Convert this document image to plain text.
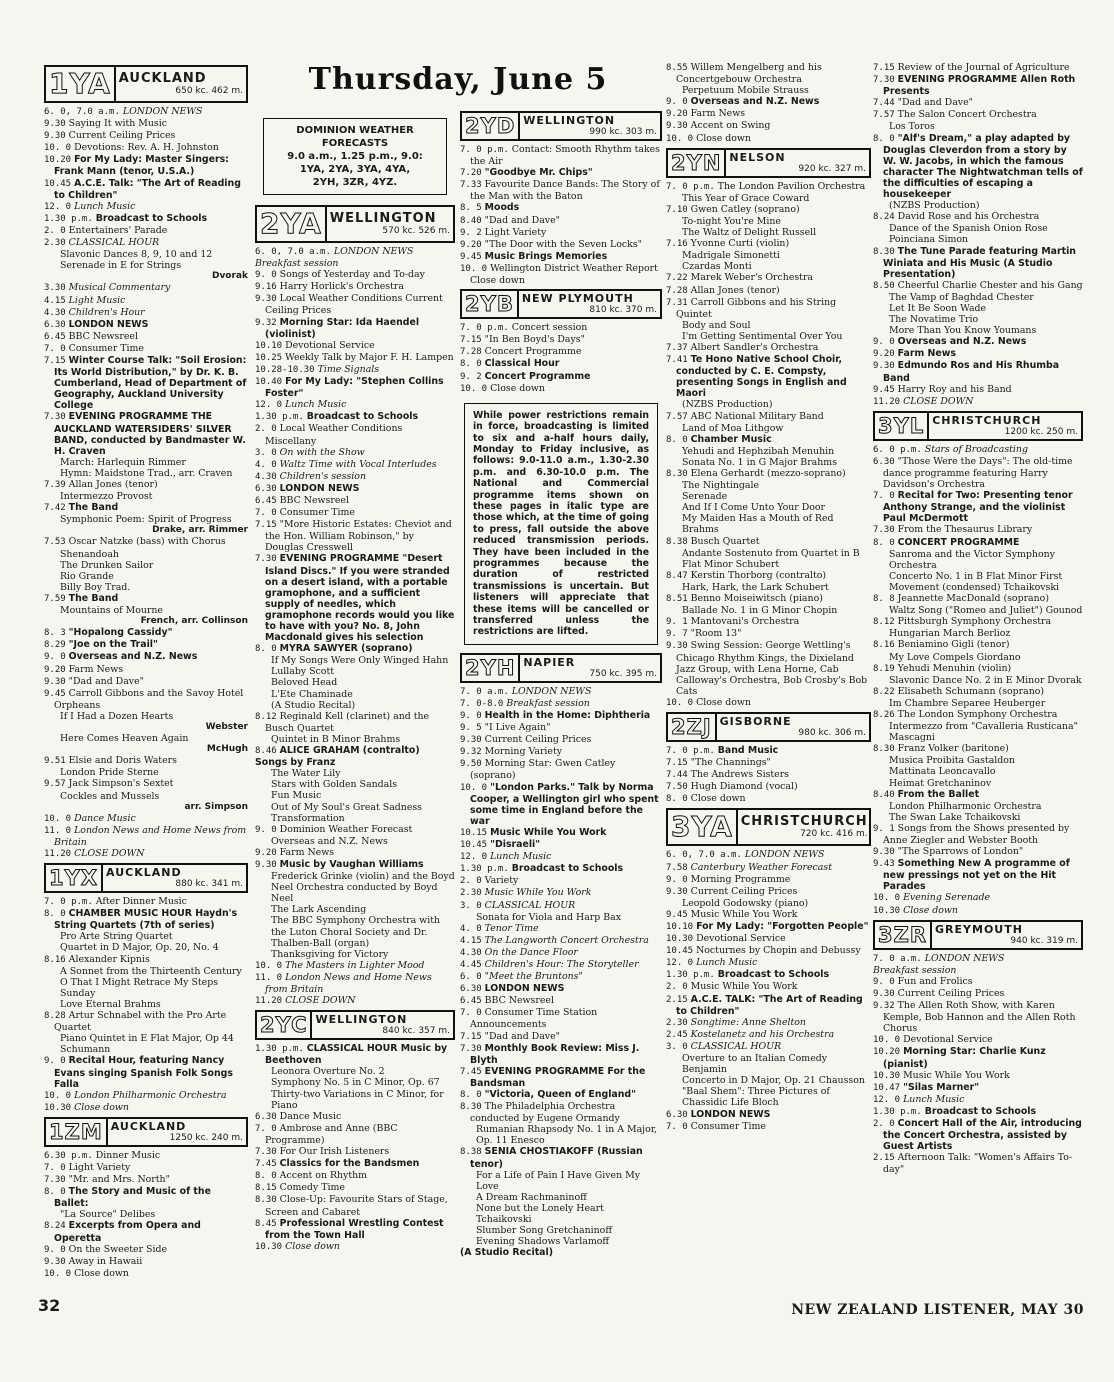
Thursday, June 5
1YA AUCKLAND
650 kc. 462 m.
6. 0, 7.0 a.m. LONDON NEWS
9.30 Saying It with Music
9.30 Current Ceiling Prices
10. 0 Devotions: Rev. A. H. Johnston
10.20 For My Lady: Master Singers: Frank Mann (tenor, U.S.A.)
10.45 A.C.E. Talk: "The Art of Reading to Children"
12. 0 Lunch Music
1.30 p.m. Broadcast to Schools
2. 0 Entertainers' Parade
2.30 CLASSICAL HOUR
Slavonic Dances 8, 9, 10 and 12
Serenade in E for Strings
Dvorak
3.30 Musical Commentary
4.15 Light Music
4.30 Children's Hour
6.30 LONDON NEWS
6.45 BBC Newsreel
7. 0 Consumer Time
7.15 Winter Course Talk: "Soil Erosion: Its World Distribution," by Dr. K. B. Cumberland, Head of Department of Geography, Auckland University College
7.30 EVENING PROGRAMME THE AUCKLAND WATERSIDERS' SILVER BAND, conducted by Bandmaster W. H. Craven
March: Harlequin Rimmer
Hymn: Maidstone Trad., arr. Craven
7.39 Allan Jones (tenor)
Intermezzo Provost
7.42 The Band
Symphonic Poem: Spirit of Progress
Drake, arr. Rimmer
7.53 Oscar Natzke (bass) with Chorus
Shenandoah
The Drunken Sailor
Rio Grande
Billy Boy Trad.
7.59 The Band
Mountains of Mourne
French, arr. Collinson
8. 3 "Hopalong Cassidy"
8.29 "Joe on the Trail"
9. 0 Overseas and N.Z. News
9.20 Farm News
9.30 "Dad and Dave"
9.45 Carroll Gibbons and the Savoy Hotel Orpheans
If I Had a Dozen Hearts
Webster
Here Comes Heaven Again
McHugh
9.51 Elsie and Doris Waters
London Pride Sterne
9.57 Jack Simpson's Sextet
Cockles and Mussels
arr. Simpson
10. 0 Dance Music
11. 0 London News and Home News from Britain
11.20 CLOSE DOWN
1YX AUCKLAND
880 kc. 341 m.
7. 0 p.m. After Dinner Music
8. 0 CHAMBER MUSIC HOUR Haydn's String Quartets (7th of series)
Pro Arte String Quartet
Quartet in D Major, Op. 20, No. 4
8.16 Alexander Kipnis
A Sonnet from the Thirteenth Century
O That I Might Retrace My Steps
Sunday
Love Eternal Brahms
8.28 Artur Schnabel with the Pro Arte Quartet
Piano Quintet in E Flat Major, Op 44 Schumann
9. 0 Recital Hour, featuring Nancy Evans singing Spanish Folk Songs Falla
10. 0 London Philharmonic Orchestra
10.30 Close down
1ZM AUCKLAND
1250 kc. 240 m.
6.30 p.m. Dinner Music
7. 0 Light Variety
7.30 "Mr. and Mrs. North"
8. 0 The Story and Music of the Ballet:
"La Source" Delibes
8.24 Excerpts from Opera and Operetta
9. 0 On the Sweeter Side
9.30 Away in Hawaii
10. 0 Close down
DOMINION WEATHER
FORECASTS
9.0 a.m., 1.25 p.m., 9.0:
1YA, 2YA, 3YA, 4YA,
2YH, 3ZR, 4YZ.
2YA WELLINGTON
570 kc. 526 m.
6. 0, 7.0 a.m. LONDON NEWS
Breakfast session
9. 0 Songs of Yesterday and To-day
9.16 Harry Horlick's Orchestra
9.30 Local Weather Conditions Current Ceiling Prices
9.32 Morning Star: Ida Haendel (violinist)
10.10 Devotional Service
10.25 Weekly Talk by Major F. H. Lampen
10.28-10.30 Time Signals
10.40 For My Lady: "Stephen Collins Foster"
12. 0 Lunch Music
1.30 p.m. Broadcast to Schools
2. 0 Local Weather Conditions Miscellany
3. 0 On with the Show
4. 0 Waltz Time with Vocal Interludes
4.30 Children's session
6.30 LONDON NEWS
6.45 BBC Newsreel
7. 0 Consumer Time
7.15 "More Historic Estates: Cheviot and the Hon. William Robinson," by Douglas Cresswell
7.30 EVENING PROGRAMME "Desert Island Discs." If you were stranded on a desert island, with a portable gramophone, and a sufficient supply of needles, which gramophone records would you like to have with you? No. 8, John Macdonald gives his selection
8. 0 MYRA SAWYER (soprano)
If My Songs Were Only Winged Hahn
Lullaby Scott
Beloved Head
L'Ete Chaminade
(A Studio Recital)
8.12 Reginald Kell (clarinet) and the Busch Quartet
Quintet in B Minor Brahms
8.46 ALICE GRAHAM (contralto)
Songs by Franz
The Water Lily
Stars with Golden Sandals
Fun Music
Out of My Soul's Great Sadness
Transformation
9. 0 Dominion Weather Forecast
Overseas and N.Z. News
9.20 Farm News
9.30 Music by Vaughan Williams
Frederick Grinke (violin) and the Boyd Neel Orchestra conducted by Boyd Neel
The Lark Ascending
The BBC Symphony Orchestra with the Luton Choral Society and Dr. Thalben-Ball (organ)
Thanksgiving for Victory
10. 0 The Masters in Lighter Mood
11. 0 London News and Home News from Britain
11.20 CLOSE DOWN
2YC WELLINGTON
840 kc. 357 m.
1.30 p.m. CLASSICAL HOUR Music by Beethoven
Leonora Overture No. 2
Symphony No. 5 in C Minor, Op. 67
Thirty-two Variations in C Minor, for Piano
6.30 Dance Music
7. 0 Ambrose and Anne (BBC Programme)
7.30 For Our Irish Listeners
7.45 Classics for the Bandsmen
8. 0 Accent on Rhythm
8.15 Comedy Time
8.30 Close-Up: Favourite Stars of Stage, Screen and Cabaret
8.45 Professional Wrestling Contest from the Town Hall
10.30 Close down
2YD WELLINGTON
990 kc. 303 m.
7. 0 p.m. Contact: Smooth Rhythm takes the Air
7.20 "Goodbye Mr. Chips"
7.33 Favourite Dance Bands: The Story of the Man with the Baton
8. 5 Moods
8.40 "Dad and Dave"
9. 2 Light Variety
9.20 "The Door with the Seven Locks"
9.45 Music Brings Memories
10. 0 Wellington District Weather Report Close down
2YB NEW PLYMOUTH
810 kc. 370 m.
7. 0 p.m. Concert session
7.15 "In Ben Boyd's Days"
7.28 Concert Programme
8. 0 Classical Hour
9. 2 Concert Programme
10. 0 Close down
While power restrictions remain in force, broadcasting is limited to six and a-half hours daily, Monday to Friday inclusive, as follows: 9.0-11.0 a.m., 1.30-2.30 p.m. and 6.30-10.0 p.m. The National and Commercial programme items shown on these pages in italic type are those which, at the time of going to press, fall outside the above reduced transmission periods. They have been included in the programmes because the duration of restricted transmissions is uncertain. But listeners will appreciate that these items will be cancelled or transferred unless the restrictions are lifted.
2YH NAPIER
750 kc. 395 m.
7. 0 a.m. LONDON NEWS
7. 0-8.0 Breakfast session
9. 0 Health in the Home: Diphtheria
9. 5 "I Live Again"
9.30 Current Ceiling Prices
9.32 Morning Variety
9.50 Morning Star: Gwen Catley (soprano)
10. 0 "London Parks." Talk by Norma Cooper, a Wellington girl who spent some time in England before the war
10.15 Music While You Work
10.45 "Disraeli"
12. 0 Lunch Music
1.30 p.m. Broadcast to Schools
2. 0 Variety
2.30 Music While You Work
3. 0 CLASSICAL HOUR
Sonata for Viola and Harp Bax
4. 0 Tenor Time
4.15 The Langworth Concert Orchestra
4.30 On the Dance Floor
4.45 Children's Hour: The Storyteller
6. 0 "Meet the Bruntons"
6.30 LONDON NEWS
6.45 BBC Newsreel
7. 0 Consumer Time Station Announcements
7.15 "Dad and Dave"
7.30 Monthly Book Review: Miss J. Blyth
7.45 EVENING PROGRAMME For the Bandsman
8. 0 "Victoria, Queen of England"
8.30 The Philadelphia Orchestra conducted by Eugene Ormandy
Rumanian Rhapsody No. 1 in A Major, Op. 11 Enesco
8.38 SENIA CHOSTIAKOFF (Russian tenor)
For a Life of Pain I Have Given My Love
A Dream Rachmaninoff
None but the Lonely Heart Tchaikovski
Slumber Song Gretchaninoff
Evening Shadows Varlamoff
(A Studio Recital)
8.55 Willem Mengelberg and his Concertgebouw Orchestra
Perpetuum Mobile Strauss
9. 0 Overseas and N.Z. News
9.20 Farm News
9.30 Accent on Swing
10. 0 Close down
2YN NELSON
920 kc. 327 m.
7. 0 p.m. The London Pavilion Orchestra
This Year of Grace Coward
7.10 Gwen Catley (soprano)
To-night You're Mine
The Waltz of Delight Russell
7.16 Yvonne Curti (violin)
Madrigale Simonetti
Czardas Monti
7.22 Marek Weber's Orchestra
7.28 Allan Jones (tenor)
7.31 Carroll Gibbons and his String Quintet
Body and Soul
I'm Getting Sentimental Over You
7.37 Albert Sandler's Orchestra
7.41 Te Hono Native School Choir, conducted by C. E. Compsty, presenting Songs in English and Maori
(NZBS Production)
7.57 ABC National Military Band
Land of Moa Lithgow
8. 0 Chamber Music
Yehudi and Hephzibah Menuhin
Sonata No. 1 in G Major Brahms
8.30 Elena Gerhardt (mezzo-soprano)
The Nightingale
Serenade
And If I Come Unto Your Door
My Maiden Has a Mouth of Red Brahms
8.38 Busch Quartet
Andante Sostenuto from Quartet in B Flat Minor Schubert
8.47 Kerstin Thorborg (contralto)
Hark, Hark, the Lark Schubert
8.51 Benno Moiseiwitsch (piano)
Ballade No. 1 in G Minor Chopin
9. 1 Mantovani's Orchestra
9. 7 "Room 13"
9.30 Swing Session: George Wettling's Chicago Rhythm Kings, the Dixieland Jazz Group, with Lena Horne, Cab Calloway's Orchestra, Bob Crosby's Bob Cats
10. 0 Close down
2ZJ GISBORNE
980 kc. 306 m.
7. 0 p.m. Band Music
7.15 "The Channings"
7.44 The Andrews Sisters
7.50 Hugh Diamond (vocal)
8. 0 Close down
3YA CHRISTCHURCH
720 kc. 416 m.
6. 0, 7.0 a.m. LONDON NEWS
7.58 Canterbury Weather Forecast
9. 0 Morning Programme
9.30 Current Ceiling Prices
Leopold Godowsky (piano)
9.45 Music While You Work
10.10 For My Lady: "Forgotten People"
10.30 Devotional Service
10.45 Nocturnes by Chopin and Debussy
12. 0 Lunch Music
1.30 p.m. Broadcast to Schools
2. 0 Music While You Work
2.15 A.C.E. TALK: "The Art of Reading to Children"
2.30 Songtime: Anne Shelton
2.45 Kostelanetz and his Orchestra
3. 0 CLASSICAL HOUR
Overture to an Italian Comedy Benjamin
Concerto in D Major, Op. 21 Chausson
"Baal Shem": Three Pictures of Chassidic Life Bloch
6.30 LONDON NEWS
7. 0 Consumer Time
7.15 Review of the Journal of Agriculture
7.30 EVENING PROGRAMME Allen Roth Presents
7.44 "Dad and Dave"
7.57 The Salon Concert Orchestra
Los Toros
8. 0 "Alf's Dream," a play adapted by Douglas Cleverdon from a story by W. W. Jacobs, in which the famous character The Nightwatchman tells of the difficulties of escaping a housekeeper
(NZBS Production)
8.24 David Rose and his Orchestra
Dance of the Spanish Onion Rose
Poinciana Simon
8.30 The Tune Parade featuring Martin Winiata and His Music (A Studio Presentation)
8.50 Cheerful Charlie Chester and his Gang
The Vamp of Baghdad Chester
Let It Be Soon Wade
The Novatime Trio
More Than You Know Youmans
9. 0 Overseas and N.Z. News
9.20 Farm News
9.30 Edmundo Ros and His Rhumba Band
9.45 Harry Roy and his Band
11.20 CLOSE DOWN
3YL CHRISTCHURCH
1200 kc. 250 m.
6. 0 p.m. Stars of Broadcasting
6.30 "Those Were the Days": The old-time dance programme featuring Harry Davidson's Orchestra
7. 0 Recital for Two: Presenting tenor Anthony Strange, and the violinist Paul McDermott
7.30 From the Thesaurus Library
8. 0 CONCERT PROGRAMME
Sanroma and the Victor Symphony Orchestra
Concerto No. 1 in B Flat Minor First Movement (condensed) Tchaikovski
8. 8 Jeannette MacDonald (soprano)
Waltz Song ("Romeo and Juliet") Gounod
8.12 Pittsburgh Symphony Orchestra
Hungarian March Berlioz
8.16 Beniamino Gigli (tenor)
My Love Compels Giordano
8.19 Yehudi Menuhin (violin)
Slavonic Dance No. 2 in E Minor Dvorak
8.22 Elisabeth Schumann (soprano)
Im Chambre Separee Heuberger
8.26 The London Symphony Orchestra
Intermezzo from "Cavalleria Rusticana" Mascagni
8.30 Franz Volker (baritone)
Musica Proibita Gastaldon
Mattinata Leoncavallo
Heimat Gretchaninov
8.40 From the Ballet
London Philharmonic Orchestra
The Swan Lake Tchaikovski
9. 1 Songs from the Shows presented by Anne Ziegler and Webster Booth
9.30 "The Sparrows of London"
9.43 Something New A programme of new pressings not yet on the Hit Parades
10. 0 Evening Serenade
10.30 Close down
3ZR GREYMOUTH
940 kc. 319 m.
7. 0 a.m. LONDON NEWS
Breakfast session
9. 0 Fun and Frolics
9.30 Current Ceiling Prices
9.32 The Allen Roth Show, with Karen Kemple, Bob Hannon and the Allen Roth Chorus
10. 0 Devotional Service
10.20 Morning Star: Charlie Kunz (pianist)
10.30 Music While You Work
10.47 "Silas Marner"
12. 0 Lunch Music
1.30 p.m. Broadcast to Schools
2. 0 Concert Hall of the Air, introducing the Concert Orchestra, assisted by Guest Artists
2.15 Afternoon Talk: "Women's Affairs To-day"
32	NEW ZEALAND LISTENER, MAY 30
